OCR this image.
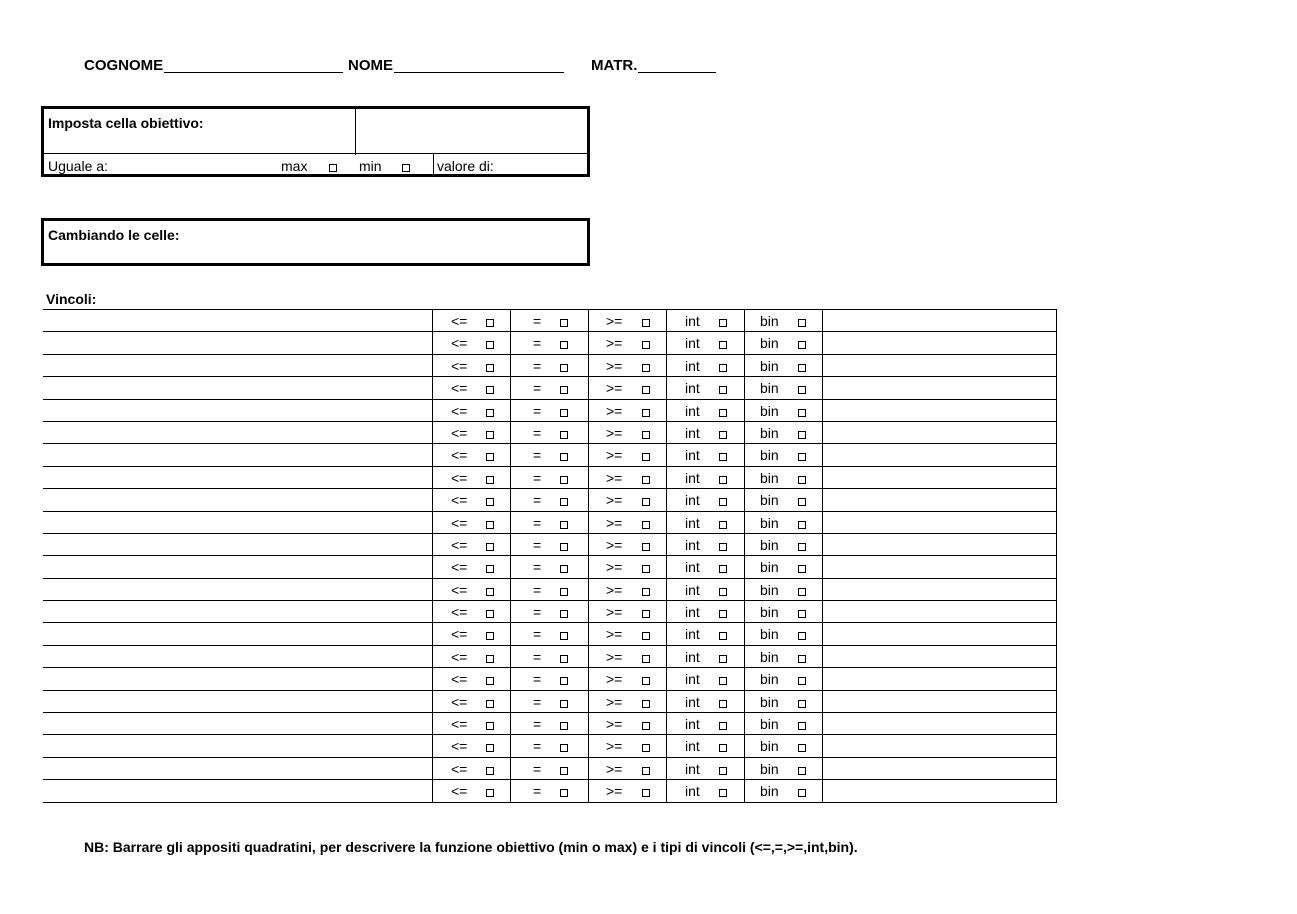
COGNOME	NOME	MATR.
Imposta cella obiettivo:
Uguale a:	max	min	valore di:
Cambiando le celle:
Vincoli:

	<=	=	>=	int	bin	

	<=	=	>=	int	bin	

	<=	=	>=	int	bin	

	<=	=	>=	int	bin	

	<=	=	>=	int	bin	

	<=	=	>=	int	bin	

	<=	=	>=	int	bin	

	<=	=	>=	int	bin	

	<=	=	>=	int	bin	

	<=	=	>=	int	bin	

	<=	=	>=	int	bin	

	<=	=	>=	int	bin	

	<=	=	>=	int	bin	

	<=	=	>=	int	bin	

	<=	=	>=	int	bin	

	<=	=	>=	int	bin	

	<=	=	>=	int	bin	

	<=	=	>=	int	bin	

	<=	=	>=	int	bin	

	<=	=	>=	int	bin	

	<=	=	>=	int	bin	

	<=	=	>=	int	bin	

NB: Barrare gli appositi quadratini, per descrivere la funzione obiettivo (min o max) e i tipi di vincoli (<=,=,>=,int,bin).
